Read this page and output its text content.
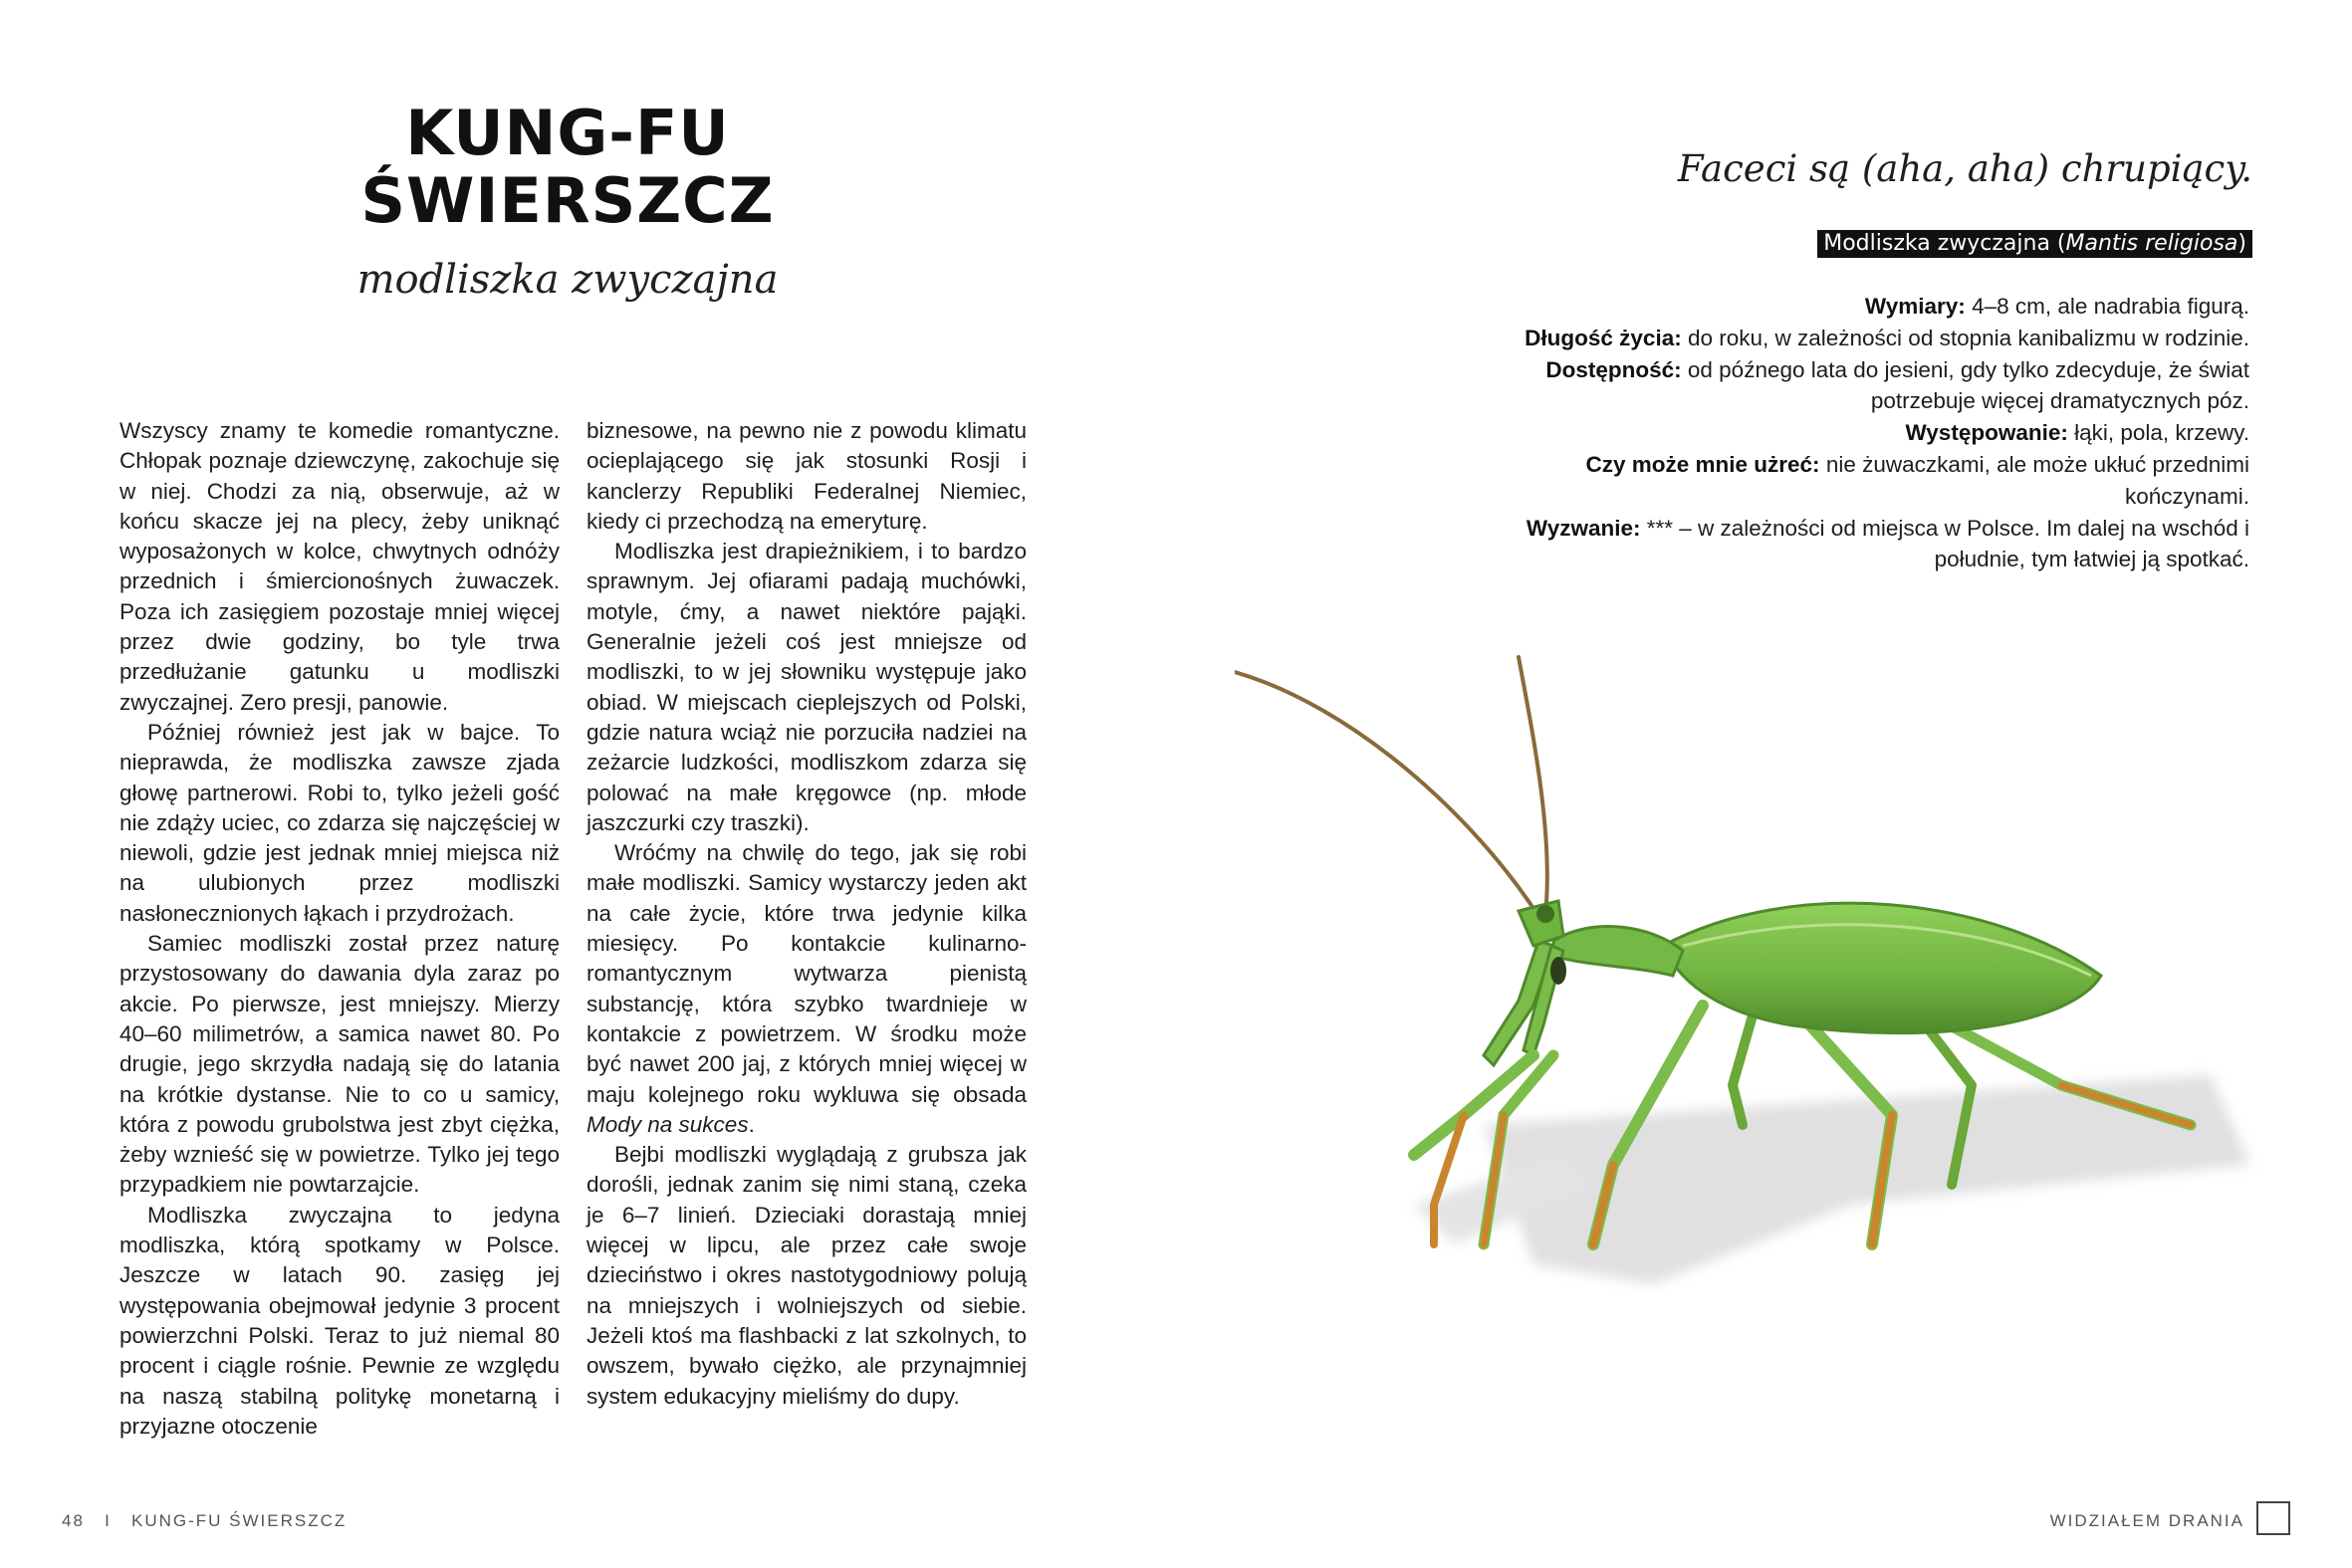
KUNG-FU
ŚWIERSZCZ

modliszka zwyczajna

Wszyscy znamy te komedie romantyczne. Chłopak poznaje dziewczynę, zakochuje się w niej. Chodzi za nią, obserwuje, aż w końcu skacze jej na plecy, żeby uniknąć wyposażonych w kolce, chwytnych odnóży przednich i śmiercionośnych żuwaczek. Poza ich zasięgiem pozostaje mniej więcej przez dwie godziny, bo tyle trwa przedłużanie gatunku u modliszki zwyczajnej. Zero presji, panowie.

Później również jest jak w bajce. To nieprawda, że modliszka zawsze zjada głowę partnerowi. Robi to, tylko jeżeli gość nie zdąży uciec, co zdarza się najczęściej w niewoli, gdzie jest jednak mniej miejsca niż na ulubionych przez modliszki nasłonecznionych łąkach i przydrożach.

Samiec modliszki został przez naturę przystosowany do dawania dyla zaraz po akcie. Po pierwsze, jest mniejszy. Mierzy 40–60 milimetrów, a samica nawet 80. Po drugie, jego skrzydła nadają się do latania na krótkie dystanse. Nie to co u samicy, która z powodu grubolstwa jest zbyt ciężka, żeby wznieść się w powietrze. Tylko jej tego przypadkiem nie powtarzajcie.

Modliszka zwyczajna to jedyna modliszka, którą spotkamy w Polsce. Jeszcze w latach 90. zasięg jej występowania obejmował jedynie 3 procent powierzchni Polski. Teraz to już niemal 80 procent i ciągle rośnie. Pewnie ze względu na naszą stabilną politykę monetarną i przyjazne otoczenie

biznesowe, na pewno nie z powodu klimatu ocieplającego się jak stosunki Rosji i kanclerzy Republiki Federalnej Niemiec, kiedy ci przechodzą na emeryturę.

Modliszka jest drapieżnikiem, i to bardzo sprawnym. Jej ofiarami padają muchówki, motyle, ćmy, a nawet niektóre pająki. Generalnie jeżeli coś jest mniejsze od modliszki, to w jej słowniku występuje jako obiad. W miejscach cieplejszych od Polski, gdzie natura wciąż nie porzuciła nadziei na zeżarcie ludzkości, modliszkom zdarza się polować na małe kręgowce (np. młode jaszczurki czy traszki).

Wróćmy na chwilę do tego, jak się robi małe modliszki. Samicy wystarczy jeden akt na całe życie, które trwa jedynie kilka miesięcy. Po kontakcie kulinarno-romantycznym wytwarza pienistą substancję, która szybko twardnieje w kontakcie z powietrzem. W środku może być nawet 200 jaj, z których mniej więcej w maju kolejnego roku wykluwa się obsada Mody na sukces.

Bejbi modliszki wyglądają z grubsza jak dorośli, jednak zanim się nimi staną, czeka je 6–7 linień. Dzieciaki dorastają mniej więcej w lipcu, ale przez całe swoje dzieciństwo i okres nastotygodniowy polują na mniejszych i wolniejszych od siebie. Jeżeli ktoś ma flashbacki z lat szkolnych, to owszem, bywało ciężko, ale przynajmniej system edukacyjny mieliśmy do dupy.

Faceci są (aha, aha) chrupiący.

Modliszka zwyczajna (Mantis religiosa)

Wymiary: 4–8 cm, ale nadrabia figurą.

Długość życia: do roku, w zależności od stopnia kanibalizmu w rodzinie.

Dostępność: od późnego lata do jesieni, gdy tylko zdecyduje, że świat potrzebuje więcej dramatycznych póz.

Występowanie: łąki, pola, krzewy.

Czy może mnie użreć: nie żuwaczkami, ale może ukłuć przednimi kończynami.

Wyzwanie: *** – w zależności od miejsca w Polsce. Im dalej na wschód i południe, tym łatwiej ją spotkać.

48 I KUNG-FU ŚWIERSZCZ	WIDZIAŁEM DRANIA
